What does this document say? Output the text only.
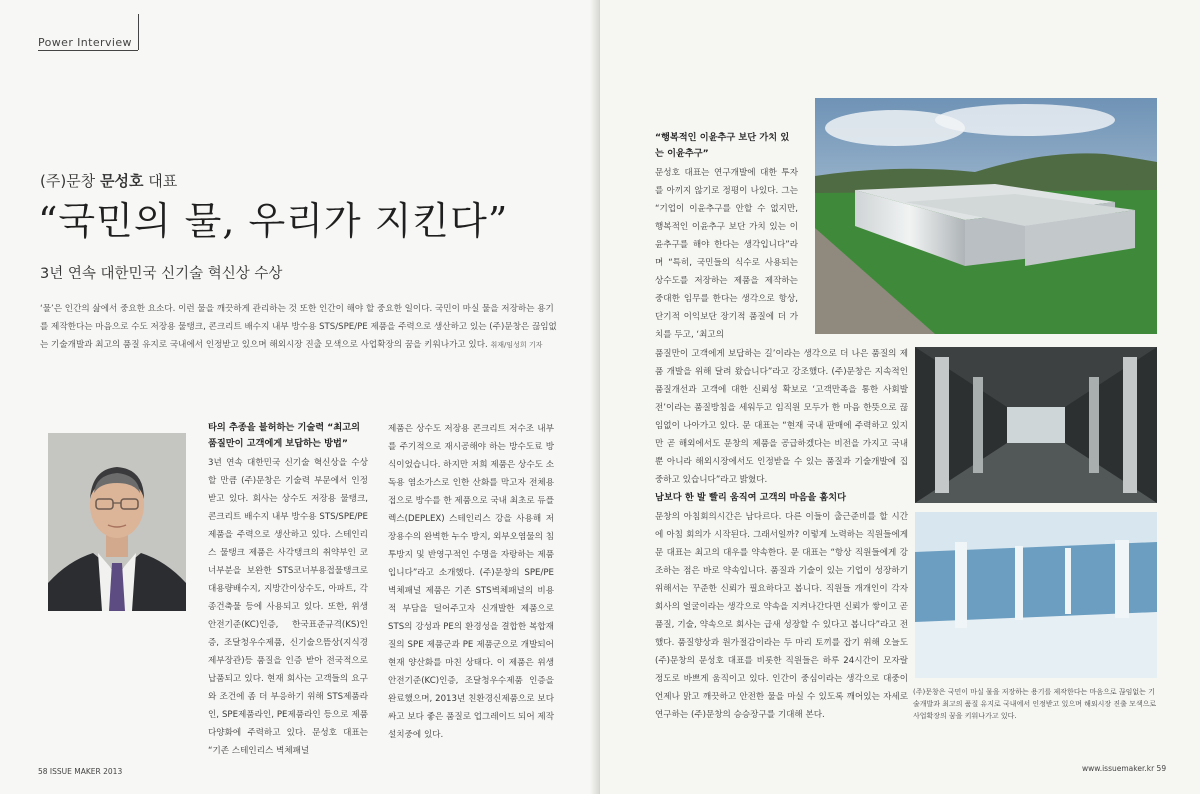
Power Interview
(주)문창 문성호 대표
“국민의 물, 우리가 지킨다”
3년 연속 대한민국 신기술 혁신상 수상
‘물’은 인간의 삶에서 중요한 요소다. 이런 물을 깨끗하게 관리하는 것 또한 인간이 해야 할 중요한 일이다. 국민이 마실 물을 저장하는 용기를 제작한다는 마음으로 수도 저장용 물탱크, 콘크리트 배수지 내부 방수용 STS/SPE/PE 제품을 주력으로 생산하고 있는 (주)문창은 끊임없는 기술개발과 최고의 품질 유지로 국내에서 인정받고 있으며 해외시장 진출 모색으로 사업확장의 꿈을 키워나가고 있다. 취재/임성희 기자
타의 추종을 불허하는 기술력 “최고의 품질만이 고객에게 보답하는 방법”
3년 연속 대한민국 신기술 혁신상을 수상할 만큼 (주)문창은 기술력 부문에서 인정받고 있다. 회사는 상수도 저장용 물탱크, 콘크리트 배수지 내부 방수용 STS/SPE/PE 제품을 주력으로 생산하고 있다. 스테인리스 물탱크 제품은 사각탱크의 취약부인 코너부분을 보완한 STS코너부용접물탱크로 대용량배수지, 지방간이상수도, 아파트, 각종건축물 등에 사용되고 있다. 또한, 위생안전기준(KC)인증, 한국표준규격(KS)인증, 조달청우수제품, 신기술으뜸상(지식경제부장관)등 품질을 인증 받아 전국적으로 납품되고 있다. 현재 회사는 고객들의 요구와 조건에 좀 더 부응하기 위해 STS제품라인, SPE제품라인, PE제품라인 등으로 제품 다양화에 주력하고 있다. 문성호 대표는 “기존 스테인리스 벽체패널
제품은 상수도 저장용 콘크리트 저수조 내부를 주기적으로 재시공해야 하는 방수도료 방식이었습니다. 하지만 저희 제품은 상수도 소독용 염소가스로 인한 산화를 막고자 전체용접으로 방수를 한 제품으로 국내 최초로 듀플렉스(DEPLEX) 스테인리스 강을 사용해 저장용수의 완벽한 누수 방지, 외부오염물의 침투방지 및 반영구적인 수명을 자랑하는 제품입니다”라고 소개했다. (주)문창의 SPE/PE 벽체패널 제품은 기존 STS벽체패널의 비용적 부담을 덜어주고자 신개발한 제품으로 STS의 강성과 PE의 환경성을 결합한 복합재질의 SPE 제품군과 PE 제품군으로 개발되어 현재 양산화를 마친 상태다. 이 제품은 위생안전기준(KC)인증, 조달청우수제품 인증을 완료했으며, 2013년 친환경신제품으로 보다 싸고 보다 좋은 품질로 업그레이드 되어 제작 설치중에 있다.
58 ISSUE MAKER 2013
“행복적인 이윤추구 보단 가치 있는 이윤추구”
문성호 대표는 연구개발에 대한 투자를 아끼지 않기로 정평이 나있다. 그는 “기업이 이윤추구를 안할 수 없지만, 행복적인 이윤추구 보단 가치 있는 이윤추구를 해야 한다는 생각입니다”라며 “특히, 국민들의 식수로 사용되는 상수도를 저장하는 제품을 제작하는 중대한 임무를 한다는 생각으로 항상, 단기적 이익보단 장기적 품질에 더 가치를 두고, ‘최고의
품질만이 고객에게 보답하는 길’이라는 생각으로 더 나은 품질의 제품 개발을 위해 달려 왔습니다”라고 강조했다. (주)문창은 지속적인 품질개선과 고객에 대한 신뢰성 확보로 ‘고객만족을 통한 사회발전’이라는 품질방침을 세워두고 임직원 모두가 한 마음 한뜻으로 끊임없이 나아가고 있다. 문 대표는 “현재 국내 판매에 주력하고 있지만 곧 해외에서도 문창의 제품을 공급하겠다는 비전을 가지고 국내 뿐 아니라 해외시장에서도 인정받을 수 있는 품질과 기술개발에 집중하고 있습니다”라고 밝혔다.
남보다 한 발 빨리 움직여 고객의 마음을 훔치다
문창의 아침회의시간은 남다르다. 다른 이들이 출근준비를 할 시간에 아침 회의가 시작된다. 그래서일까? 이렇게 노력하는 직원들에게 문 대표는 최고의 대우를 약속한다. 문 대표는 “항상 직원들에게 강조하는 점은 바로 약속입니다. 품질과 기술이 있는 기업이 성장하기 위해서는 꾸준한 신뢰가 필요하다고 봅니다. 직원들 개개인이 각자 회사의 얼굴이라는 생각으로 약속을 지켜나간다면 신뢰가 쌓이고 곧 품질, 기술, 약속으로 회사는 급새 성장할 수 있다고 봅니다”라고 전했다. 품질향상과 원가절감이라는 두 마리 토끼를 잡기 위해 오늘도 (주)문창의 문성호 대표를 비롯한 직원들은 하루 24시간이 모자랄 정도로 바쁘게 움직이고 있다. 인간이 중심이라는 생각으로 대중이 언제나 맑고 깨끗하고 안전한 물을 마실 수 있도록 깨어있는 자세로 연구하는 (주)문창의 승승장구를 기대해 본다.
(주)문창은 국민이 마실 물을 저장하는 용기를 제작한다는 마음으로 끊임없는 기술개발과 최고의 품질 유지로 국내에서 인정받고 있으며 해외시장 진출 모색으로 사업확장의 꿈을 키워나가고 있다.
www.issuemaker.kr 59
